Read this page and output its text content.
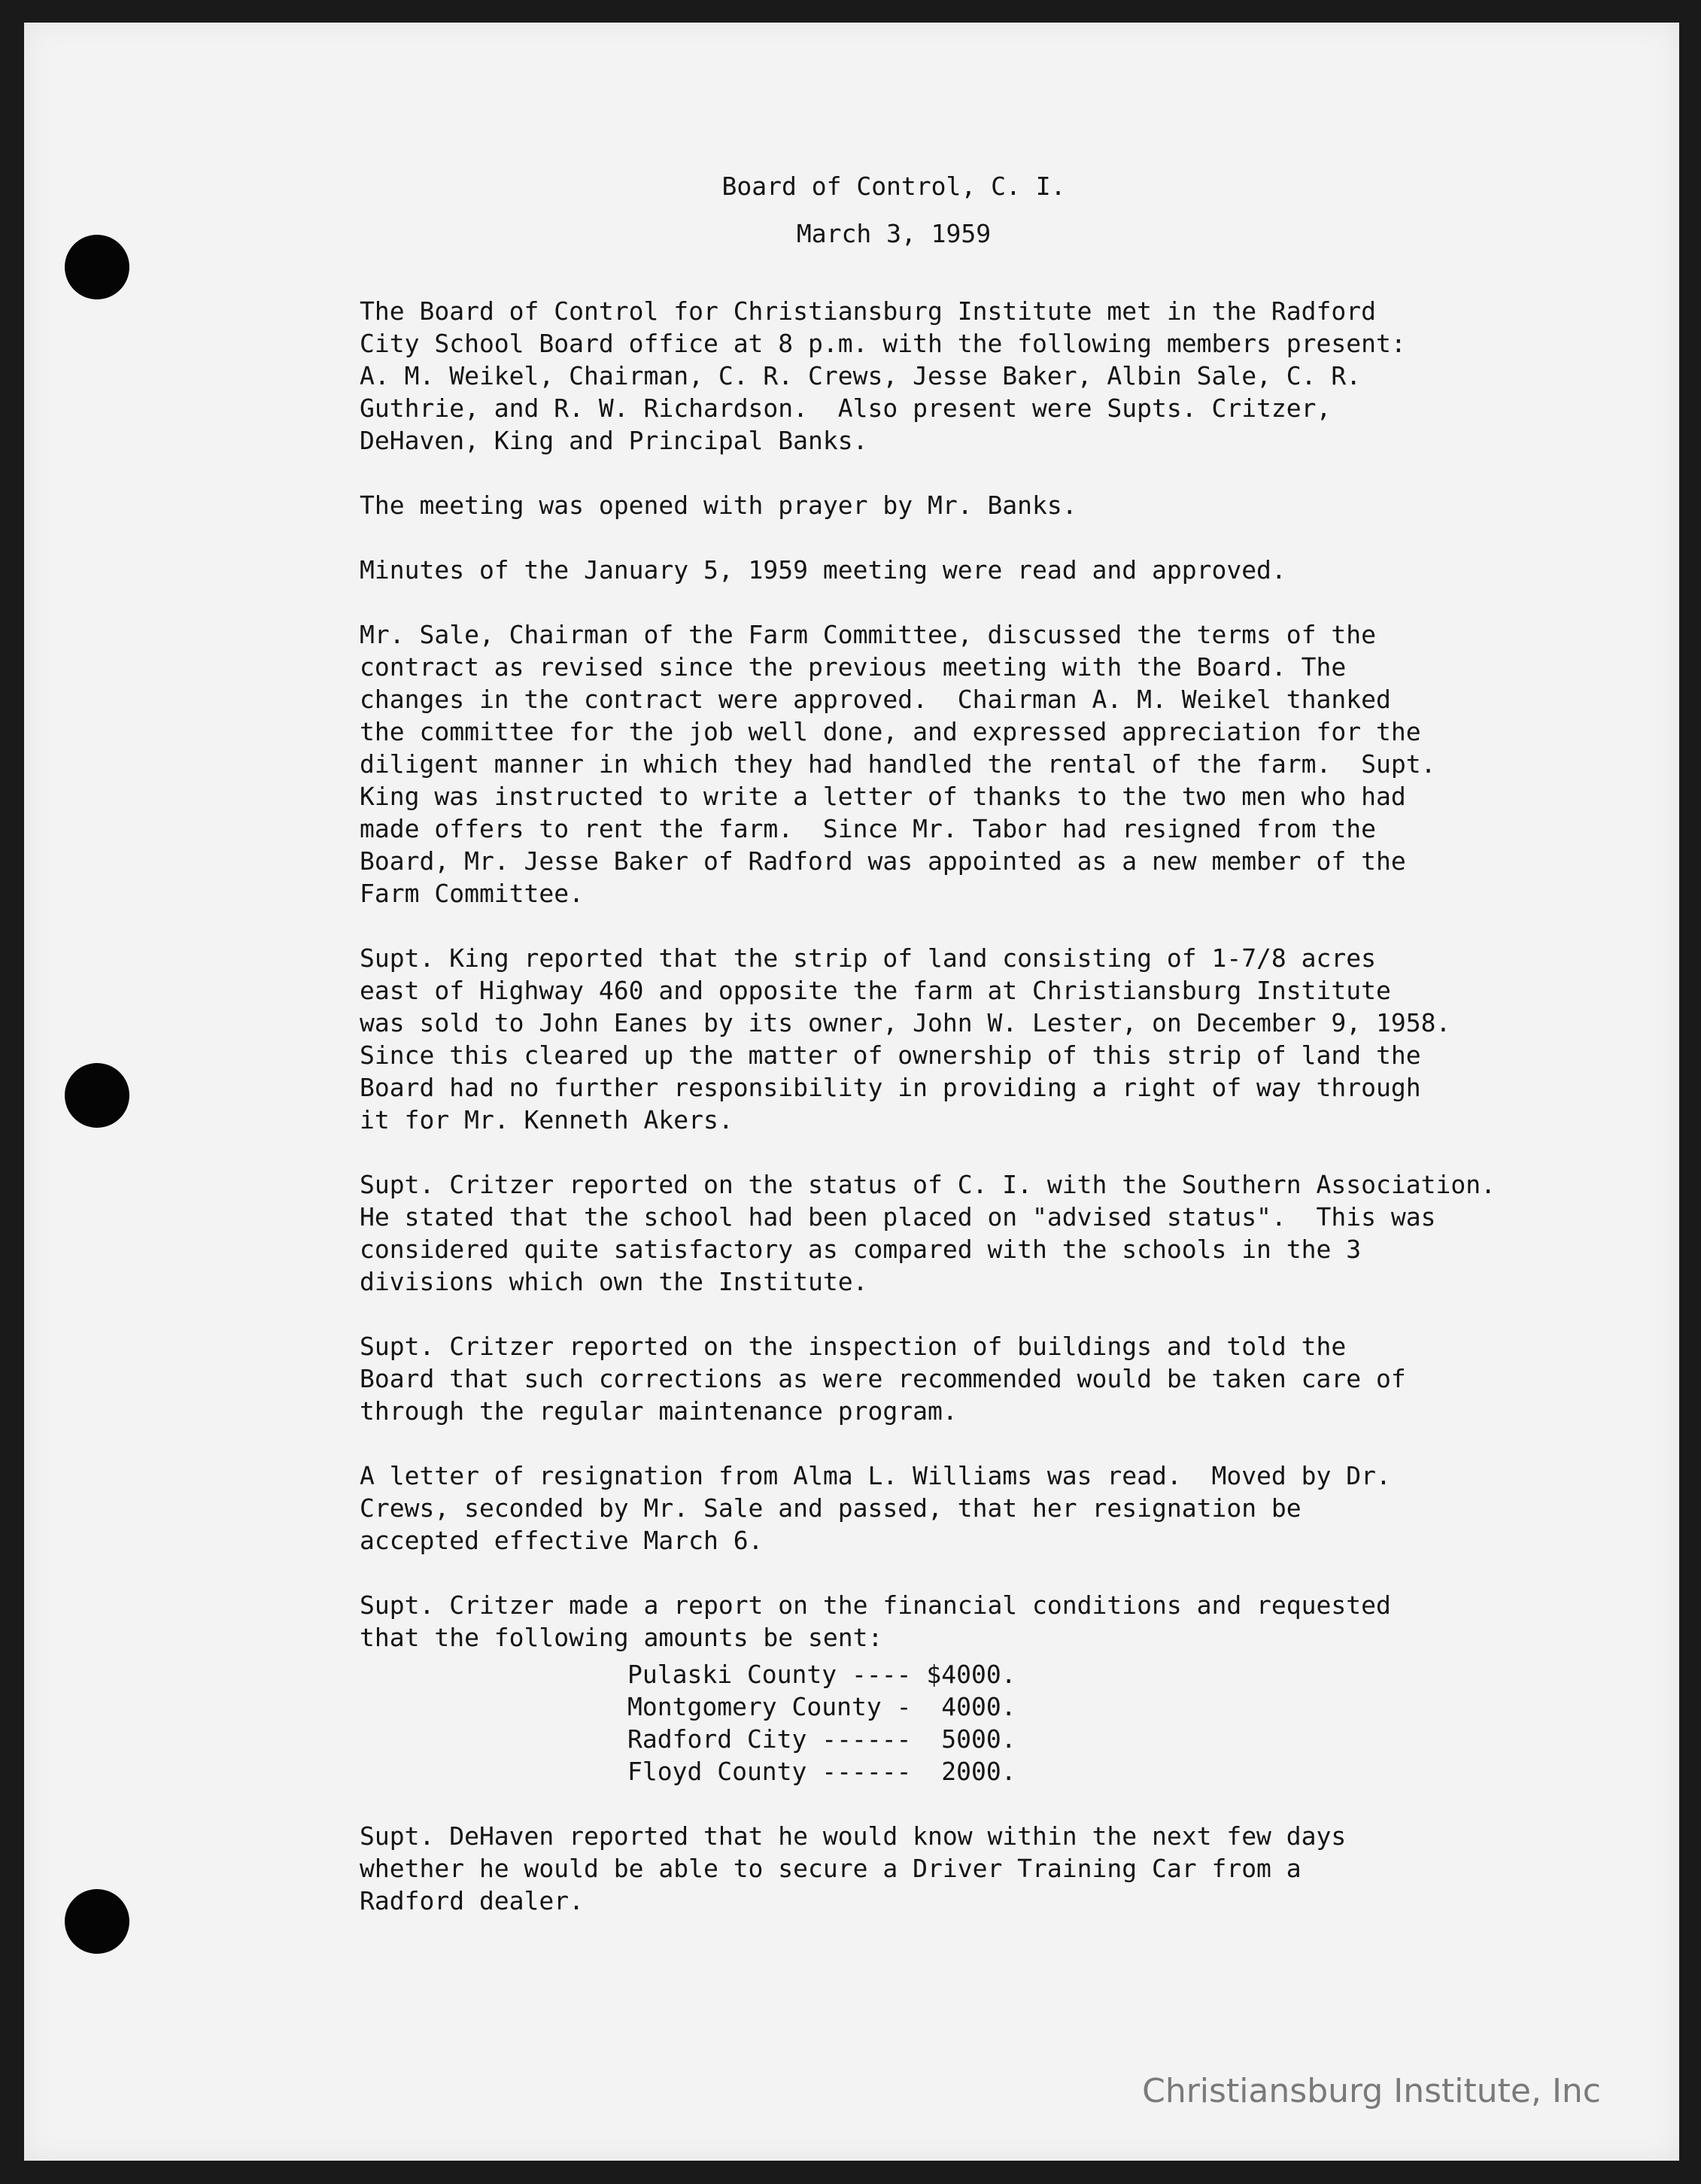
Board of Control, C. I.
March 3, 1959
The Board of Control for Christiansburg Institute met in the Radford
City School Board office at 8 p.m. with the following members present:
A. M. Weikel, Chairman, C. R. Crews, Jesse Baker, Albin Sale, C. R.
Guthrie, and R. W. Richardson.  Also present were Supts. Critzer,
DeHaven, King and Principal Banks.
The meeting was opened with prayer by Mr. Banks.
Minutes of the January 5, 1959 meeting were read and approved.
Mr. Sale, Chairman of the Farm Committee, discussed the terms of the
contract as revised since the previous meeting with the Board. The
changes in the contract were approved.  Chairman A. M. Weikel thanked
the committee for the job well done, and expressed appreciation for the
diligent manner in which they had handled the rental of the farm.  Supt.
King was instructed to write a letter of thanks to the two men who had
made offers to rent the farm.  Since Mr. Tabor had resigned from the
Board, Mr. Jesse Baker of Radford was appointed as a new member of the
Farm Committee.
Supt. King reported that the strip of land consisting of 1-7/8 acres
east of Highway 460 and opposite the farm at Christiansburg Institute
was sold to John Eanes by its owner, John W. Lester, on December 9, 1958.
Since this cleared up the matter of ownership of this strip of land the
Board had no further responsibility in providing a right of way through
it for Mr. Kenneth Akers.
Supt. Critzer reported on the status of C. I. with the Southern Association.
He stated that the school had been placed on "advised status".  This was
considered quite satisfactory as compared with the schools in the 3
divisions which own the Institute.
Supt. Critzer reported on the inspection of buildings and told the
Board that such corrections as were recommended would be taken care of
through the regular maintenance program.
A letter of resignation from Alma L. Williams was read.  Moved by Dr.
Crews, seconded by Mr. Sale and passed, that her resignation be
accepted effective March 6.
Supt. Critzer made a report on the financial conditions and requested
that the following amounts be sent:
Pulaski County ---- $4000.
Montgomery County -  4000.
Radford City ------  5000.
Floyd County ------  2000.
Supt. DeHaven reported that he would know within the next few days
whether he would be able to secure a Driver Training Car from a
Radford dealer.
Christiansburg Institute, Inc
